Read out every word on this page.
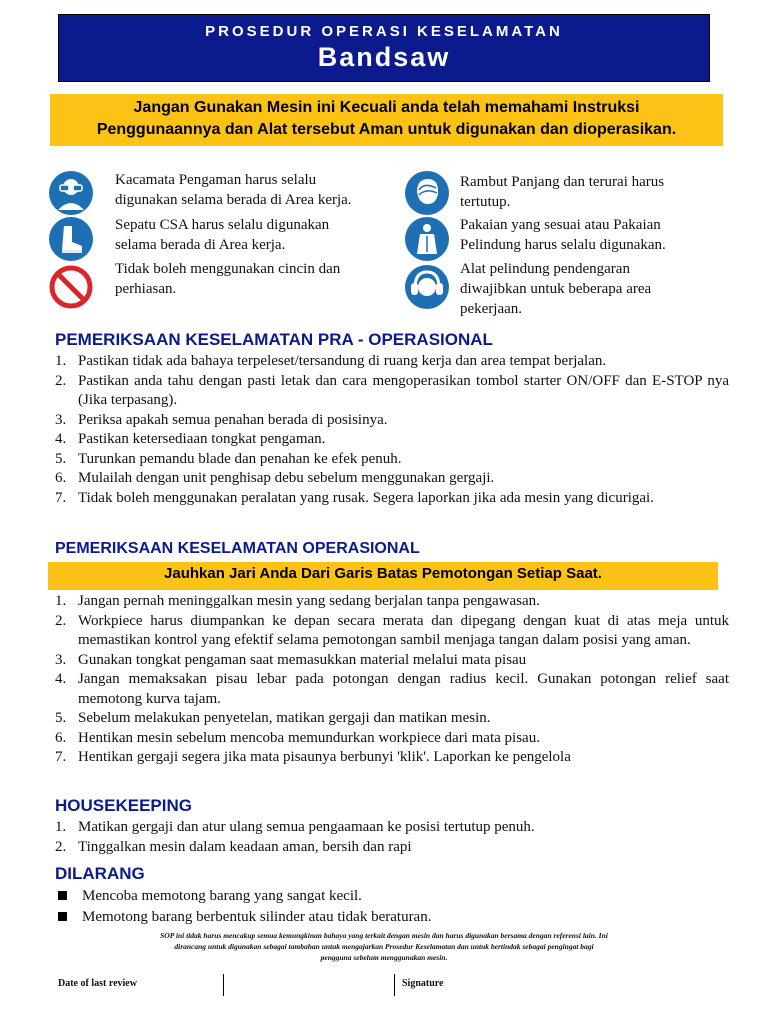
PROSEDUR OPERASI KESELAMATAN
Bandsaw
Jangan Gunakan Mesin ini Kecuali anda telah memahami Instruksi
Penggunaannya dan Alat tersebut Aman untuk digunakan dan dioperasikan.
Kacamata Pengaman harus selalu
digunakan selama berada di Area kerja.
Sepatu CSA harus selalu digunakan
selama berada di Area kerja.
Tidak boleh menggunakan cincin dan
perhiasan.
Rambut Panjang dan terurai harus
tertutup.
Pakaian yang sesuai atau Pakaian
Pelindung harus selalu digunakan.
Alat pelindung pendengaran
diwajibkan untuk beberapa area
pekerjaan.
PEMERIKSAAN KESELAMATAN PRA - OPERASIONAL
1. Pastikan tidak ada bahaya terpeleset/tersandung di ruang kerja dan area tempat berjalan.
2. Pastikan anda tahu dengan pasti letak dan cara mengoperasikan tombol starter ON/OFF dan E-STOP nya (Jika terpasang).
3. Periksa apakah semua penahan berada di posisinya.
4. Pastikan ketersediaan tongkat pengaman.
5. Turunkan pemandu blade dan penahan ke efek penuh.
6. Mulailah dengan unit penghisap debu sebelum menggunakan gergaji.
7. Tidak boleh menggunakan peralatan yang rusak. Segera laporkan jika ada mesin yang dicurigai.
PEMERIKSAAN KESELAMATAN OPERASIONAL
Jauhkan Jari Anda Dari Garis Batas Pemotongan Setiap Saat.
1. Jangan pernah meninggalkan mesin yang sedang berjalan tanpa pengawasan.
2. Workpiece harus diumpankan ke depan secara merata dan dipegang dengan kuat di atas meja untuk memastikan kontrol yang efektif selama pemotongan sambil menjaga tangan dalam posisi yang aman.
3. Gunakan tongkat pengaman saat memasukkan material melalui mata pisau
4. Jangan memaksakan pisau lebar pada potongan dengan radius kecil. Gunakan potongan relief saat memotong kurva tajam.
5. Sebelum melakukan penyetelan, matikan gergaji dan matikan mesin.
6. Hentikan mesin sebelum mencoba memundurkan workpiece dari mata pisau.
7. Hentikan gergaji segera jika mata pisaunya berbunyi 'klik'. Laporkan ke pengelola
HOUSEKEEPING
1. Matikan gergaji dan atur ulang semua pengaamaan ke posisi tertutup penuh.
2. Tinggalkan mesin dalam keadaan aman, bersih dan rapi
DILARANG
Mencoba memotong barang yang sangat kecil.
Memotong barang berbentuk silinder atau tidak beraturan.
SOP ini tidak harus mencakup semua kemungkinan bahaya yang terkait dengan mesin dan harus digunakan bersama dengan referensi lain. Ini
dirancang untuk digunakan sebagai tambahan untuk mengajarkan Prosedur Keselamatan dan untuk bertindak sebagai pengingat bagi
pengguna sebelum menggunakan mesin.
Date of last review	Signature
